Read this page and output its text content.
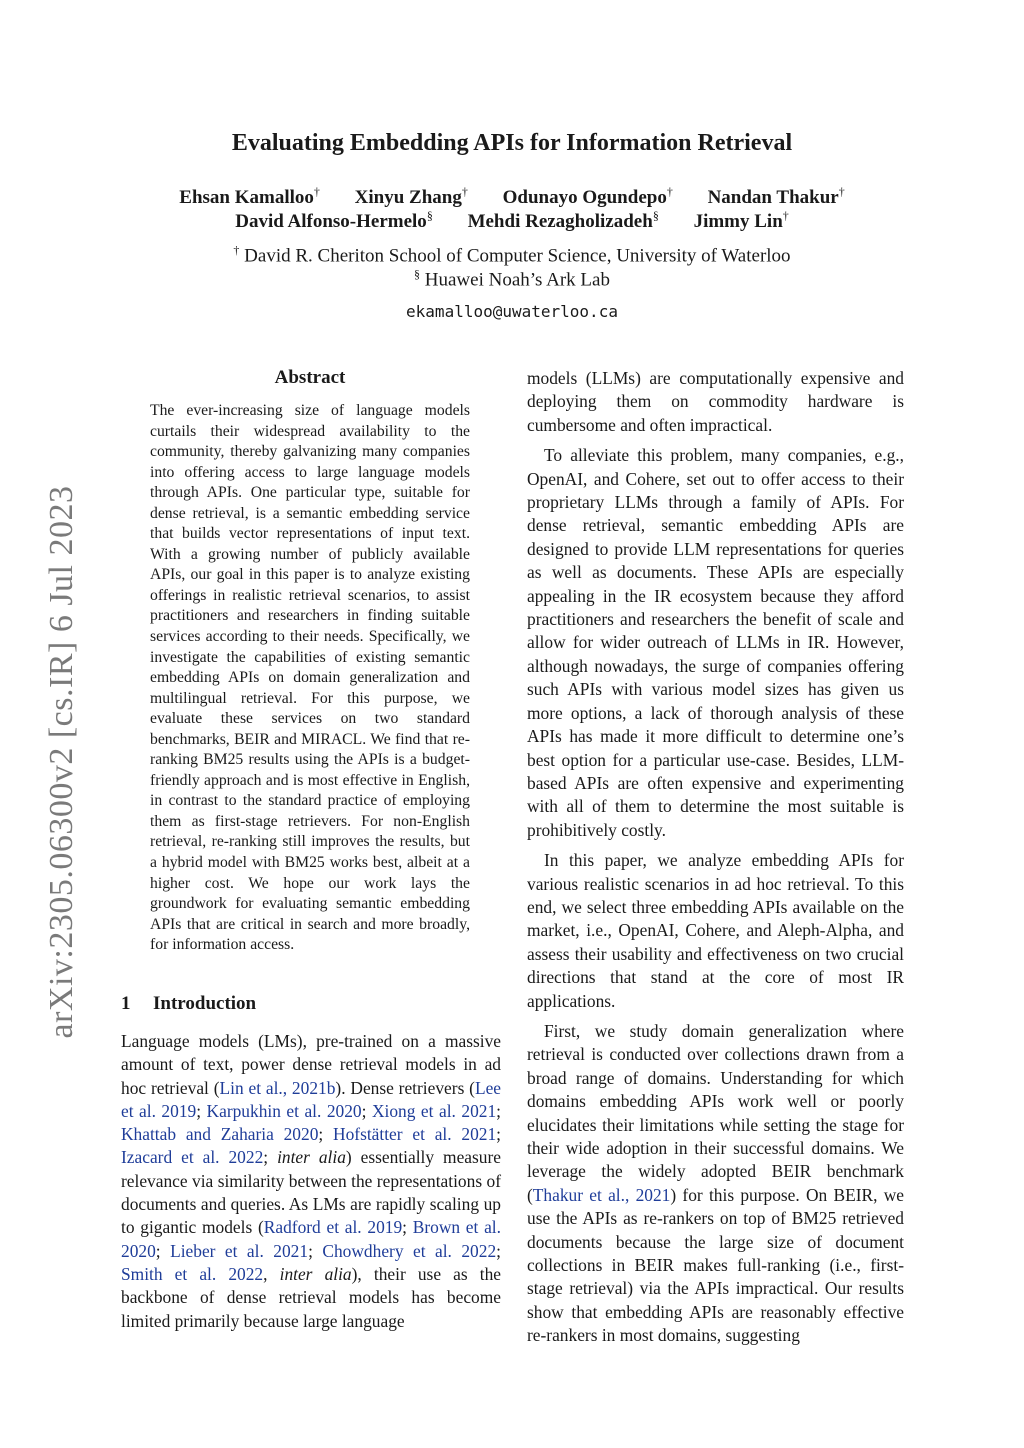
Evaluating Embedding APIs for Information Retrieval
Ehsan Kamalloo† Xinyu Zhang† Odunayo Ogundepo† Nandan Thakur†
David Alfonso-Hermelo§ Mehdi Rezagholizadeh§ Jimmy Lin†
† David R. Cheriton School of Computer Science, University of Waterloo
§ Huawei Noah’s Ark Lab
ekamalloo@uwaterloo.ca
arXiv:2305.06300v2 [cs.IR] 6 Jul 2023
Abstract
The ever-increasing size of language models curtails their widespread availability to the community, thereby galvanizing many companies into offering access to large language models through APIs. One particular type, suitable for dense retrieval, is a semantic embedding service that builds vector representations of input text. With a growing number of publicly available APIs, our goal in this paper is to analyze existing offerings in realistic retrieval scenarios, to assist practitioners and researchers in finding suitable services according to their needs. Specifically, we investigate the capabilities of existing semantic embedding APIs on domain generalization and multilingual retrieval. For this purpose, we evaluate these services on two standard benchmarks, BEIR and MIRACL. We find that re-ranking BM25 results using the APIs is a budget-friendly approach and is most effective in English, in contrast to the standard practice of employing them as first-stage retrievers. For non-English retrieval, re-ranking still improves the results, but a hybrid model with BM25 works best, albeit at a higher cost. We hope our work lays the groundwork for evaluating semantic embedding APIs that are critical in search and more broadly, for information access.
1 Introduction
Language models (LMs), pre-trained on a massive amount of text, power dense retrieval models in ad hoc retrieval (Lin et al., 2021b). Dense retrievers (Lee et al. 2019; Karpukhin et al. 2020; Xiong et al. 2021; Khattab and Zaharia 2020; Hofstätter et al. 2021; Izacard et al. 2022; inter alia) essentially measure relevance via similarity between the representations of documents and queries. As LMs are rapidly scaling up to gigantic models (Radford et al. 2019; Brown et al. 2020; Lieber et al. 2021; Chowdhery et al. 2022; Smith et al. 2022, inter alia), their use as the backbone of dense retrieval models has become limited primarily because large language

models (LLMs) are computationally expensive and deploying them on commodity hardware is cumbersome and often impractical.

To alleviate this problem, many companies, e.g., OpenAI, and Cohere, set out to offer access to their proprietary LLMs through a family of APIs. For dense retrieval, semantic embedding APIs are designed to provide LLM representations for queries as well as documents. These APIs are especially appealing in the IR ecosystem because they afford practitioners and researchers the benefit of scale and allow for wider outreach of LLMs in IR. However, although nowadays, the surge of companies offering such APIs with various model sizes has given us more options, a lack of thorough analysis of these APIs has made it more difficult to determine one’s best option for a particular use-case. Besides, LLM-based APIs are often expensive and experimenting with all of them to determine the most suitable is prohibitively costly.

In this paper, we analyze embedding APIs for various realistic scenarios in ad hoc retrieval. To this end, we select three embedding APIs available on the market, i.e., OpenAI, Cohere, and Aleph-Alpha, and assess their usability and effectiveness on two crucial directions that stand at the core of most IR applications.

First, we study domain generalization where retrieval is conducted over collections drawn from a broad range of domains. Understanding for which domains embedding APIs work well or poorly elucidates their limitations while setting the stage for their wide adoption in their successful domains. We leverage the widely adopted BEIR benchmark (Thakur et al., 2021) for this purpose. On BEIR, we use the APIs as re-rankers on top of BM25 retrieved documents because the large size of document collections in BEIR makes full-ranking (i.e., first-stage retrieval) via the APIs impractical. Our results show that embedding APIs are reasonably effective re-rankers in most domains, suggesting
